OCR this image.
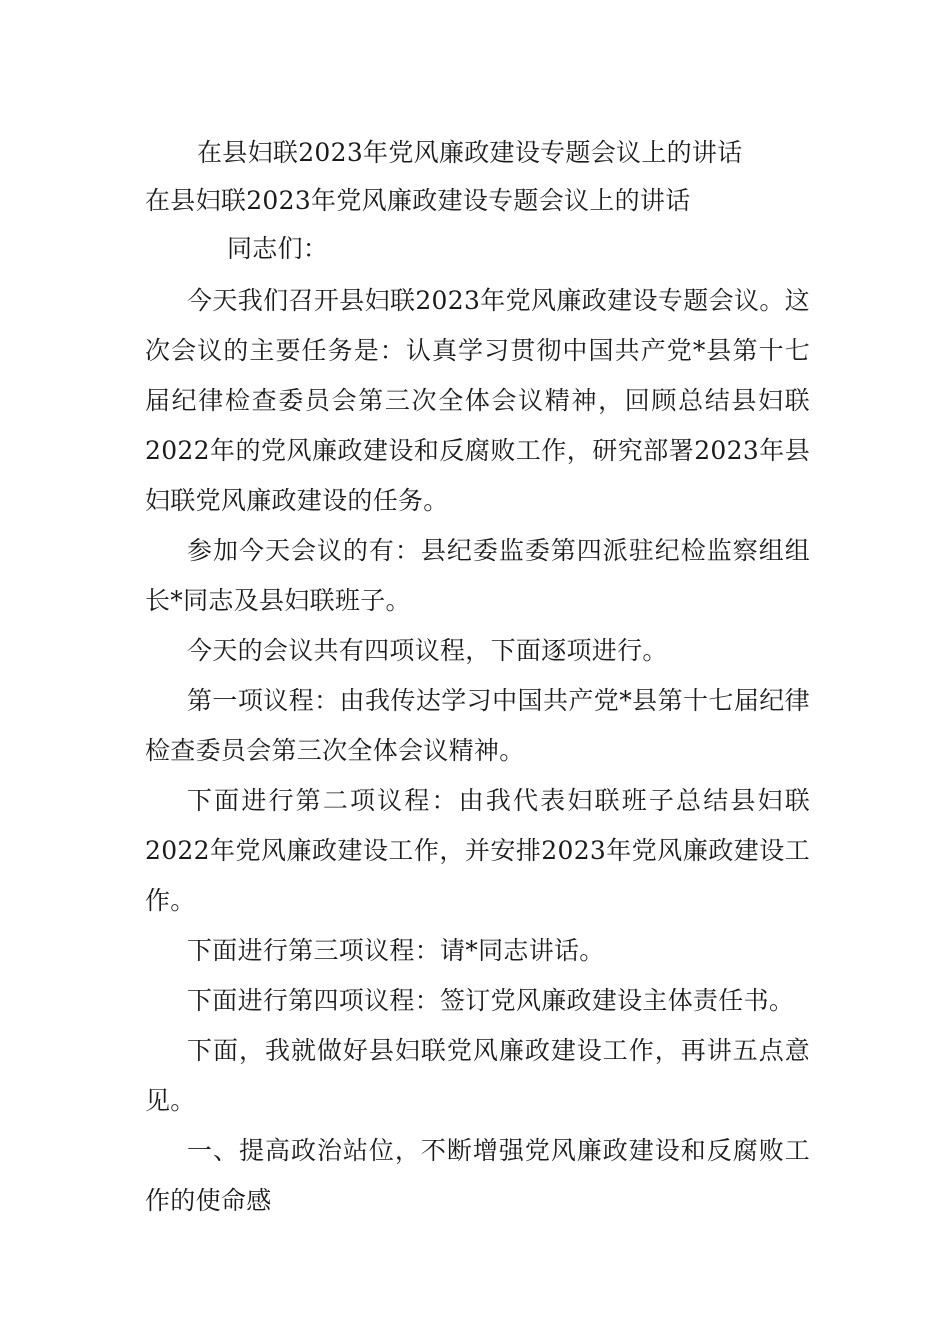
在县妇联2023年党风廉政建设专题会议上的讲话
在县妇联2023年党风廉政建设专题会议上的讲话
同志们：
今天我们召开县妇联2023年党风廉政建设专题会议。这次会议的主要任务是：认真学习贯彻中国共产党*县第十七届纪律检查委员会第三次全体会议精神，回顾总结县妇联2022年的党风廉政建设和反腐败工作，研究部署2023年县妇联党风廉政建设的任务。
参加今天会议的有：县纪委监委第四派驻纪检监察组组长*同志及县妇联班子。
今天的会议共有四项议程，下面逐项进行。
第一项议程：由我传达学习中国共产党*县第十七届纪律检查委员会第三次全体会议精神。
下面进行第二项议程：由我代表妇联班子总结县妇联2022年党风廉政建设工作，并安排2023年党风廉政建设工作。
下面进行第三项议程：请*同志讲话。
下面进行第四项议程：签订党风廉政建设主体责任书。
下面，我就做好县妇联党风廉政建设工作，再讲五点意见。
一、提高政治站位，不断增强党风廉政建设和反腐败工作的使命感
